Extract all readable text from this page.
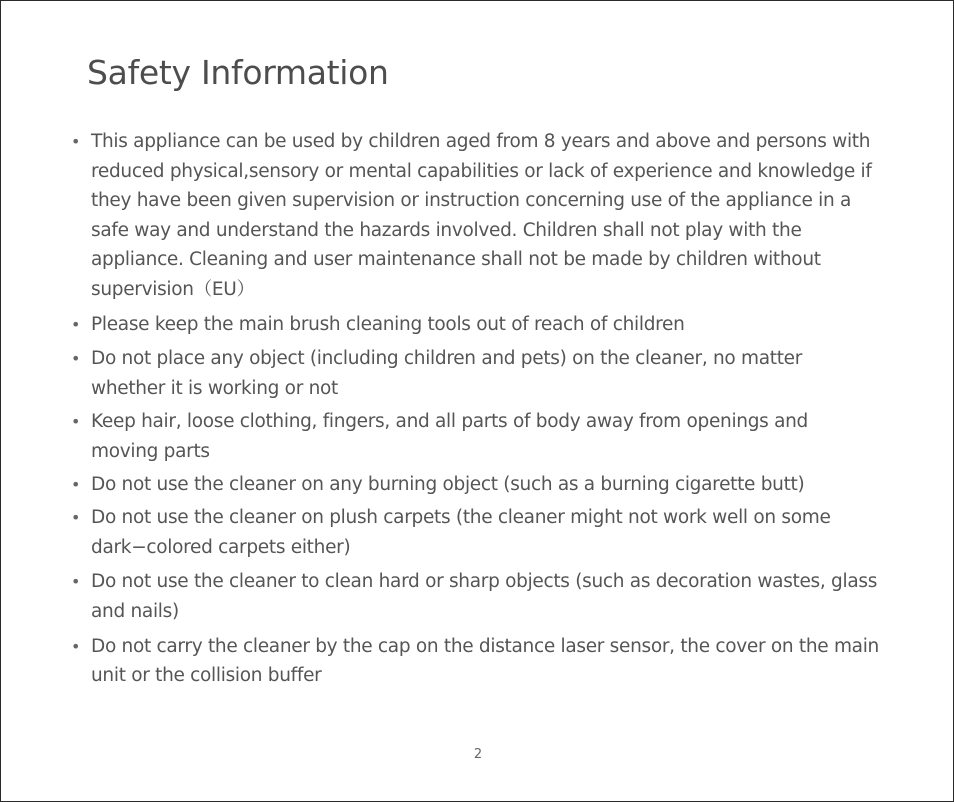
Safety Information
• This appliance can be used by children aged from 8 years and above and persons with reduced physical,sensory or mental capabilities or lack of experience and knowledge if they have been given supervision or instruction concerning use of the appliance in a safe way and understand the hazards involved. Children shall not play with the appliance. Cleaning and user maintenance shall not be made by children without supervision（EU）
• Please keep the main brush cleaning tools out of reach of children
• Do not place any object (including children and pets) on the cleaner, no matter whether it is working or not
• Keep hair, loose clothing, fingers, and all parts of body away from openings and moving parts
• Do not use the cleaner on any burning object (such as a burning cigarette butt)
• Do not use the cleaner on plush carpets (the cleaner might not work well on some dark−colored carpets either)
• Do not use the cleaner to clean hard or sharp objects (such as decoration wastes, glass and nails)
• Do not carry the cleaner by the cap on the distance laser sensor, the cover on the main unit or the collision buffer
2
